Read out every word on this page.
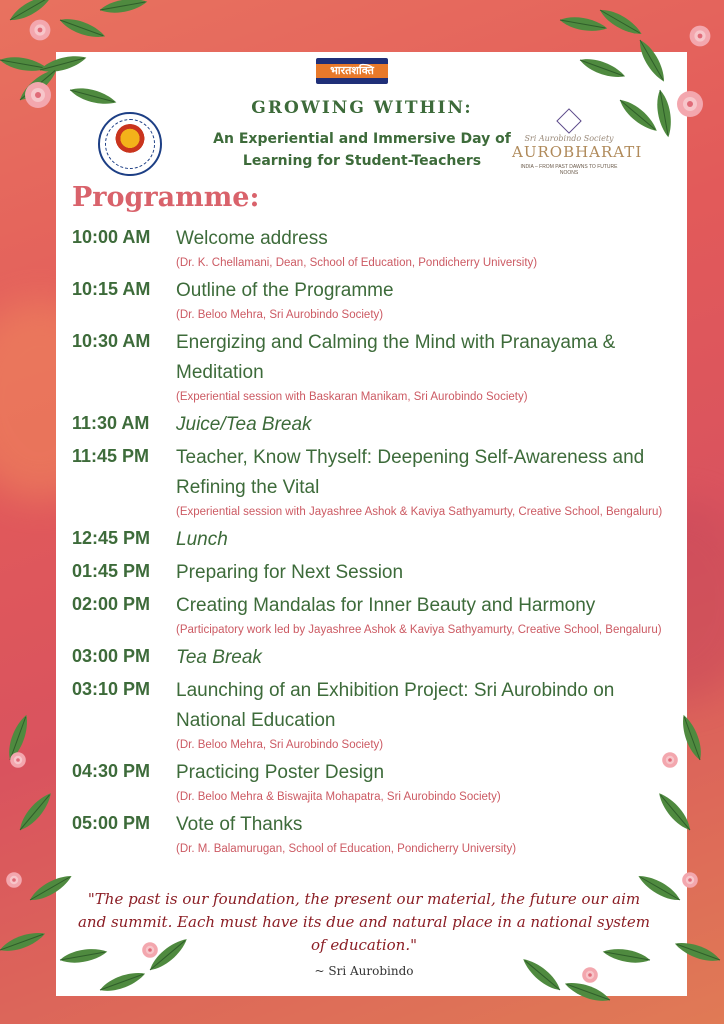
भारतशक्ति
Sri Aurobindo Society
AUROBHARATI
INDIA – FROM PAST DAWNS TO FUTURE NOONS
GROWING WITHIN:
An Experiential and Immersive Day of
Learning for Student-Teachers
Programme:
10:00 AM	Welcome address
(Dr. K. Chellamani, Dean, School of Education, Pondicherry University)
10:15 AM	Outline of the Programme
(Dr. Beloo Mehra, Sri Aurobindo Society)
10:30 AM	Energizing and Calming the Mind with Pranayama & Meditation
(Experiential session with Baskaran Manikam, Sri Aurobindo Society)
11:30 AM	Juice/Tea Break
11:45 PM	Teacher, Know Thyself: Deepening Self-Awareness and Refining the Vital
(Experiential session with Jayashree Ashok & Kaviya Sathyamurty, Creative School, Bengaluru)
12:45 PM	Lunch
01:45 PM	Preparing for Next Session
02:00 PM	Creating Mandalas for Inner Beauty and Harmony
(Participatory work led by Jayashree Ashok & Kaviya Sathyamurty, Creative School, Bengaluru)
03:00 PM	Tea Break
03:10 PM	Launching of an Exhibition Project: Sri Aurobindo on National Education
(Dr. Beloo Mehra, Sri Aurobindo Society)
04:30 PM	Practicing Poster Design
(Dr. Beloo Mehra & Biswajita Mohapatra, Sri Aurobindo Society)
05:00 PM	Vote of Thanks
(Dr. M. Balamurugan, School of Education, Pondicherry University)
"The past is our foundation, the present our material, the future our aim and summit. Each must have its due and natural place in a national system of education."
~ Sri Aurobindo
